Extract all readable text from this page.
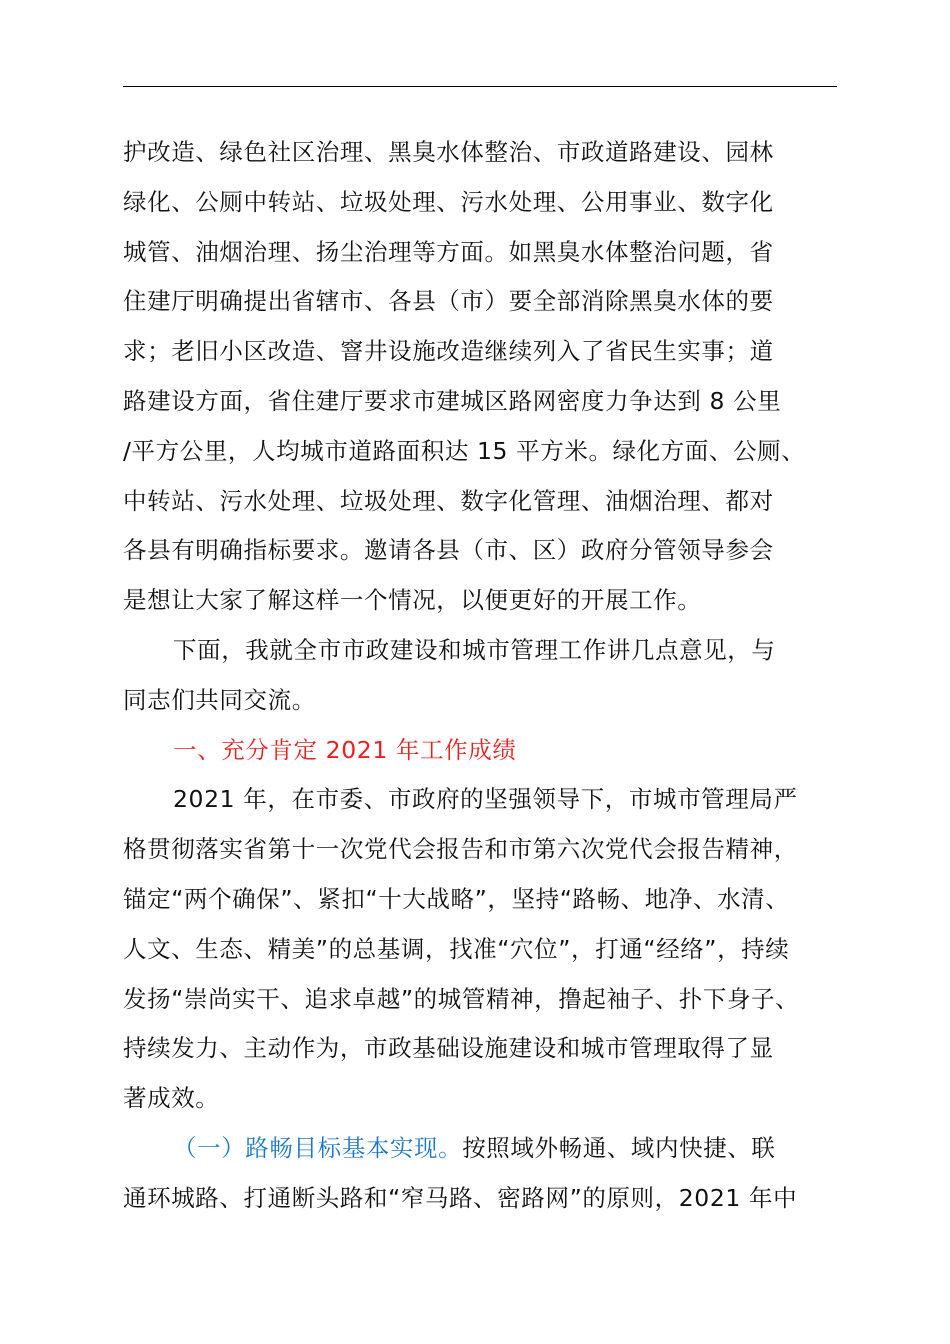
护改造、绿色社区治理、黑臭水体整治、市政道路建设、园林
绿化、公厕中转站、垃圾处理、污水处理、公用事业、数字化
城管、油烟治理、扬尘治理等方面。如黑臭水体整治问题，省
住建厅明确提出省辖市、各县（市）要全部消除黑臭水体的要
求；老旧小区改造、窨井设施改造继续列入了省民生实事；道
路建设方面，省住建厅要求市建城区路网密度力争达到 8 公里
/平方公里，人均城市道路面积达 15 平方米。绿化方面、公厕、
中转站、污水处理、垃圾处理、数字化管理、油烟治理、都对
各县有明确指标要求。邀请各县（市、区）政府分管领导参会
是想让大家了解这样一个情况，以便更好的开展工作。

下面，我就全市市政建设和城市管理工作讲几点意见，与
同志们共同交流。

一、充分肯定 2021 年工作成绩

2021 年，在市委、市政府的坚强领导下，市城市管理局严
格贯彻落实省第十一次党代会报告和市第六次党代会报告精神，
锚定“两个确保”、紧扣“十大战略”，坚持“路畅、地净、水清、
人文、生态、精美”的总基调，找准“穴位”，打通“经络”，持续
发扬“崇尚实干、追求卓越”的城管精神，撸起袖子、扑下身子、
持续发力、主动作为，市政基础设施建设和城市管理取得了显
著成效。

（一）路畅目标基本实现。按照域外畅通、域内快捷、联
通环城路、打通断头路和“窄马路、密路网”的原则，2021 年中
